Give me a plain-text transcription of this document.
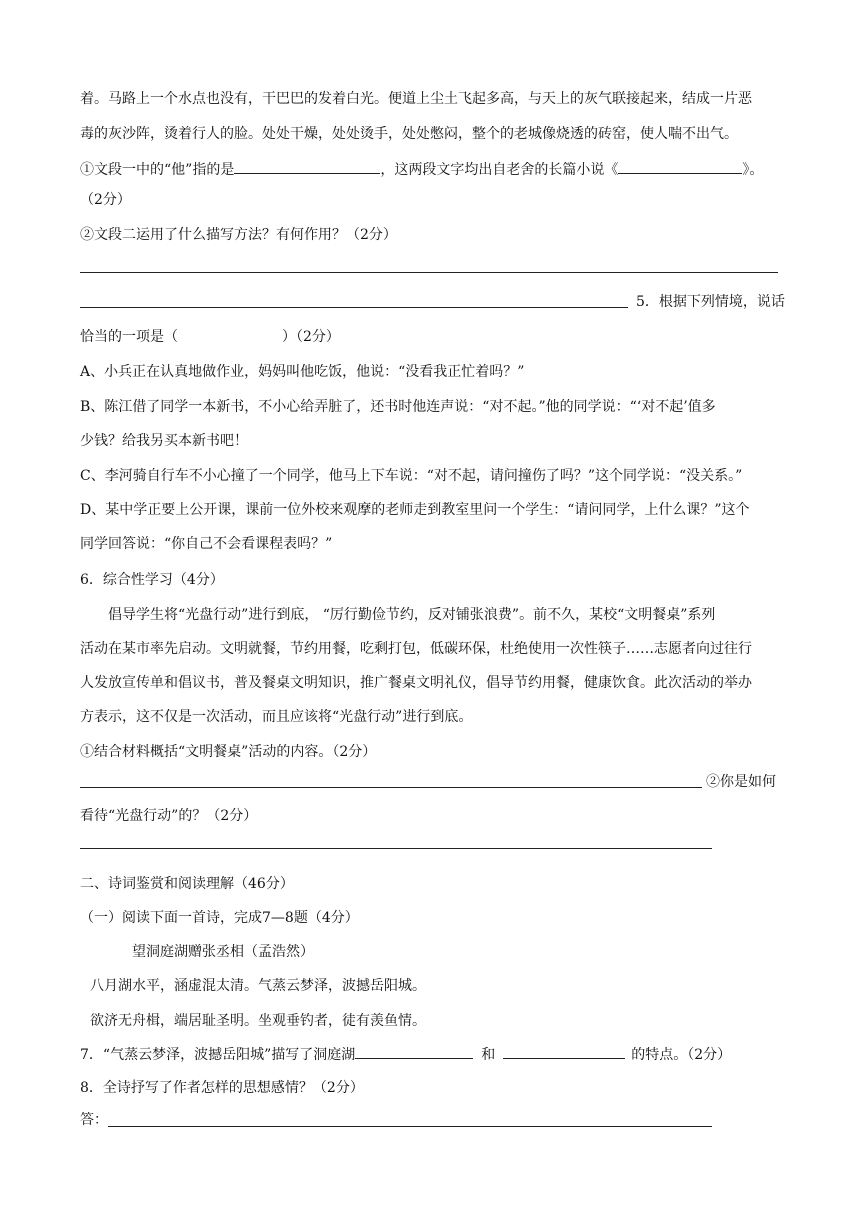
着。马路上一个水点也没有，干巴巴的发着白光。便道上尘土飞起多高，与天上的灰气联接起来，结成一片恶
毒的灰沙阵，烫着行人的脸。处处干燥，处处烫手，处处憋闷，整个的老城像烧透的砖窑，使人喘不出气。
①文段一中的“他”指的是	，这两段文字均出自老舍的长篇小说《	》。
（2分）
②文段二运用了什么描写方法？有何作用？（2分）
5．根据下列情境，说话
恰当的一项是（	）（2分）
A、小兵正在认真地做作业，妈妈叫他吃饭，他说：“没看我正忙着吗？”
B、陈江借了同学一本新书，不小心给弄脏了，还书时他连声说：“对不起。”他的同学说：“‘对不起’值多
少钱？给我另买本新书吧！
C、李河骑自行车不小心撞了一个同学，他马上下车说：“对不起，请问撞伤了吗？”这个同学说：“没关系。”
D、某中学正要上公开课，课前一位外校来观摩的老师走到教室里问一个学生：“请问同学，上什么课？”这个
同学回答说：“你自己不会看课程表吗？”
6．综合性学习（4分）
倡导学生将“光盘行动”进行到底， “厉行勤俭节约，反对铺张浪费”。前不久，某校“文明餐桌”系列
活动在某市率先启动。文明就餐，节约用餐，吃剩打包，低碳环保，杜绝使用一次性筷子……志愿者向过往行
人发放宣传单和倡议书，普及餐桌文明知识，推广餐桌文明礼仪，倡导节约用餐，健康饮食。此次活动的举办
方表示，这不仅是一次活动，而且应该将“光盘行动”进行到底。
①结合材料概括“文明餐桌”活动的内容。（2分）
②你是如何
看待“光盘行动”的？（2分）
二、诗词鉴赏和阅读理解（46分）
（一）阅读下面一首诗，完成7—8题（4分）
望洞庭湖赠张丞相（孟浩然）
八月湖水平，涵虚混太清。气蒸云梦泽，波撼岳阳城。
欲济无舟楫，端居耻圣明。坐观垂钓者，徒有羡鱼情。
7．“气蒸云梦泽，波撼岳阳城”描写了洞庭湖	和	的特点。（2分）
8．全诗抒写了作者怎样的思想感情？（2分）
答：
